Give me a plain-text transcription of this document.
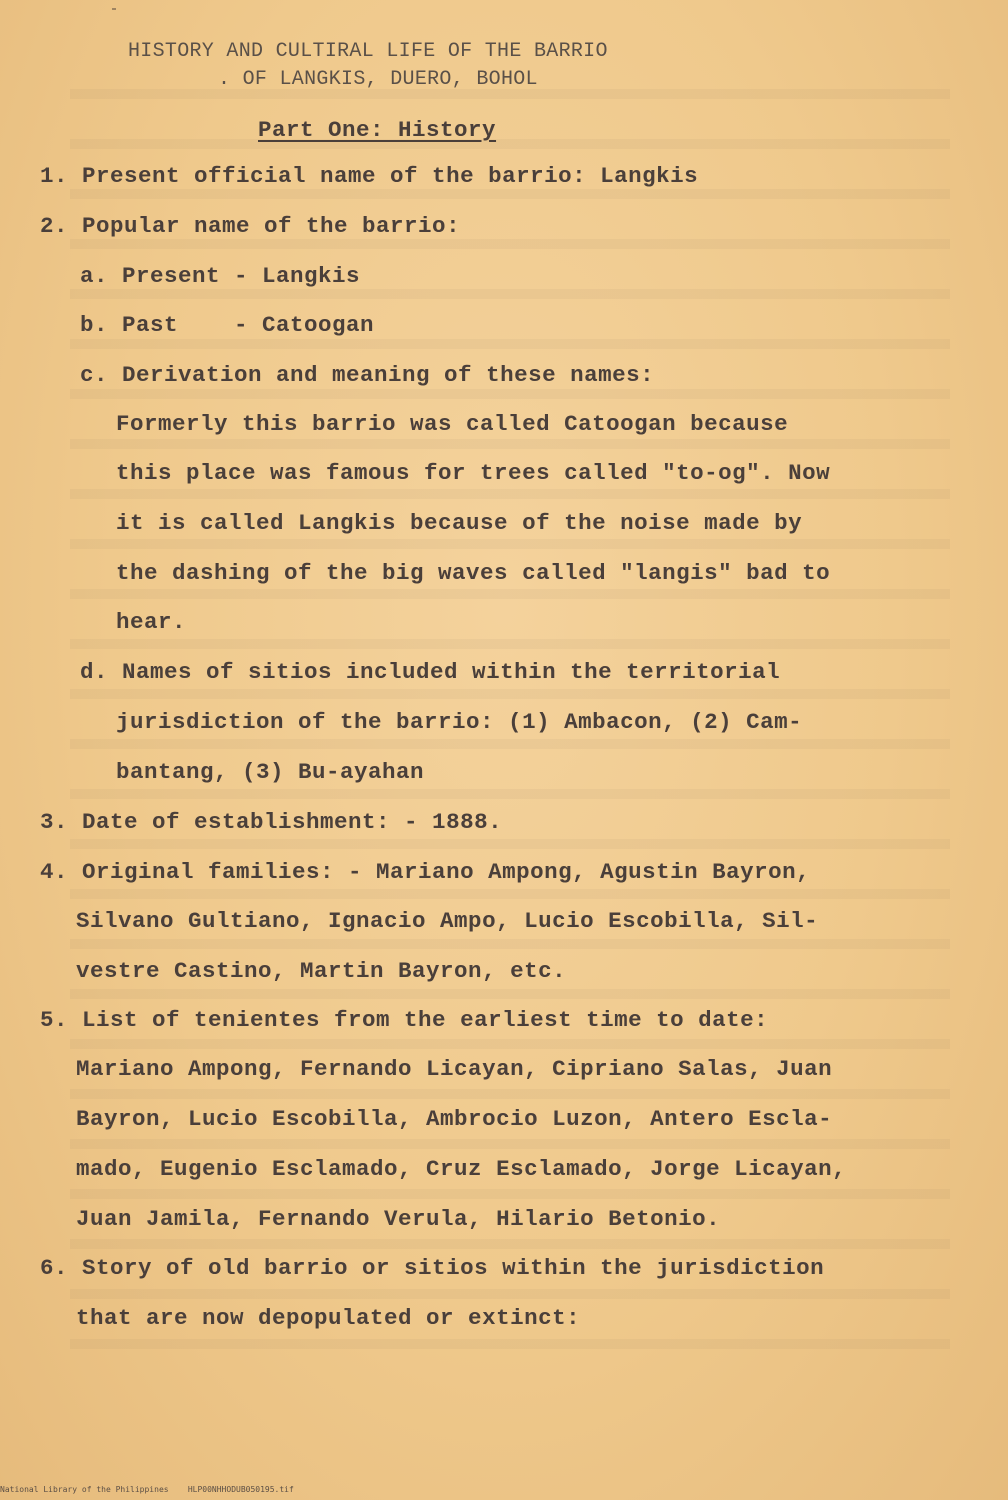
HISTORY AND CULTIRAL LIFE OF THE BARRIO
. OF LANGKIS, DUERO, BOHOL
Part One: History
1. Present official name of the barrio: Langkis
2. Popular name of the barrio:
a. Present - Langkis
b. Past    - Catoogan
c. Derivation and meaning of these names:
Formerly this barrio was called Catoogan because
this place was famous for trees called "to-og". Now
it is called Langkis because of the noise made by
the dashing of the big waves called "langis" bad to
hear.
d. Names of sitios included within the territorial
jurisdiction of the barrio: (1) Ambacon, (2) Cam-
bantang, (3) Bu-ayahan
3. Date of establishment: - 1888.
4. Original families: - Mariano Ampong, Agustin Bayron,
Silvano Gultiano, Ignacio Ampo, Lucio Escobilla, Sil-
vestre Castino, Martin Bayron, etc.
5. List of tenientes from the earliest time to date:
Mariano Ampong, Fernando Licayan, Cipriano Salas, Juan
Bayron, Lucio Escobilla, Ambrocio Luzon, Antero Escla-
mado, Eugenio Esclamado, Cruz Esclamado, Jorge Licayan,
Juan Jamila, Fernando Verula, Hilario Betonio.
6. Story of old barrio or sitios within the jurisdiction
that are now depopulated or extinct:
National Library of the Philippines HLP00NHHODUB050195.tif
